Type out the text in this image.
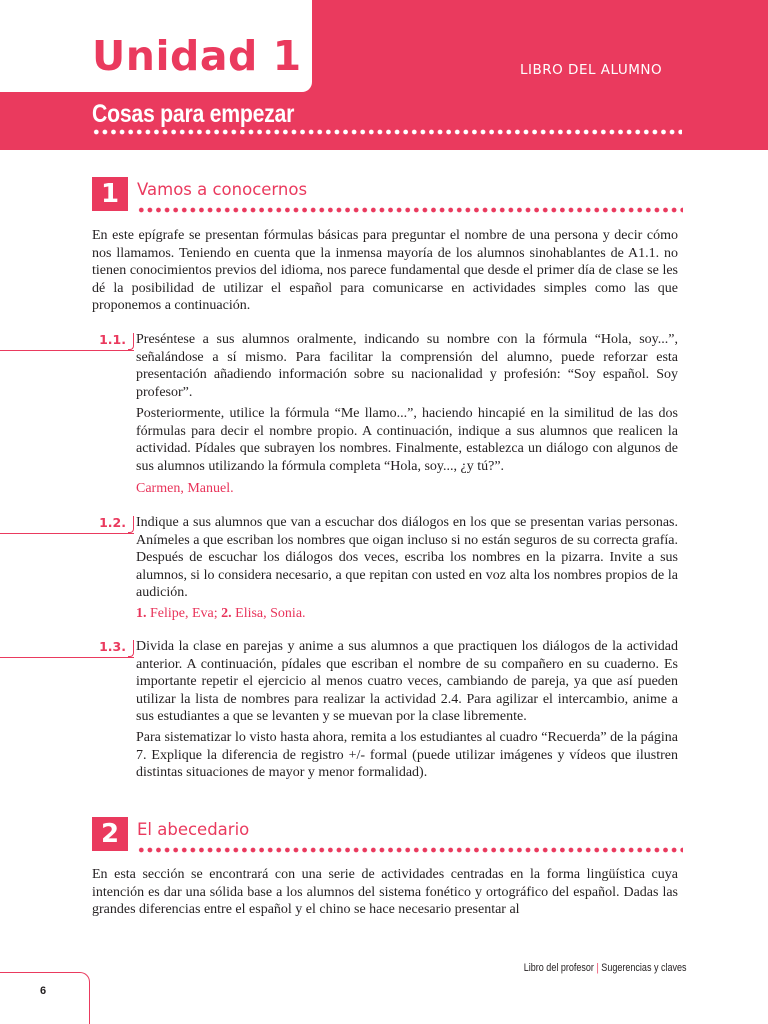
Unidad 1	LIBRO DEL ALUMNO
Cosas para empezar
1	Vamos a conocernos

En este epígrafe se presentan fórmulas básicas para preguntar el nombre de una persona y decir cómo nos llamamos. Teniendo en cuenta que la inmensa mayoría de los alumnos sinohablantes de A1.1. no tienen conocimientos previos del idioma, nos parece fundamental que desde el primer día de clase se les dé la posibilidad de utilizar el español para comunicarse en actividades simples como las que proponemos a continuación.

1.1. Preséntese a sus alumnos oralmente, indicando su nombre con la fórmula “Hola, soy...”, señalándose a sí mismo. Para facilitar la comprensión del alumno, puede reforzar esta presentación añadiendo información sobre su nacionalidad y profesión: “Soy español. Soy profesor”.

Posteriormente, utilice la fórmula “Me llamo...”, haciendo hincapié en la similitud de las dos fórmulas para decir el nombre propio. A continuación, indique a sus alumnos que realicen la actividad. Pídales que subrayen los nombres. Finalmente, establezca un diálogo con algunos de sus alumnos utilizando la fórmula completa “Hola, soy..., ¿y tú?”.

Carmen, Manuel.

1.2. Indique a sus alumnos que van a escuchar dos diálogos en los que se presentan varias personas. Anímeles a que escriban los nombres que oigan incluso si no están seguros de su correcta grafía. Después de escuchar los diálogos dos veces, escriba los nombres en la pizarra. Invite a sus alumnos, si lo considera necesario, a que repitan con usted en voz alta los nombres propios de la audición.

1. Felipe, Eva; 2. Elisa, Sonia.

1.3. Divida la clase en parejas y anime a sus alumnos a que practiquen los diálogos de la actividad anterior. A continuación, pídales que escriban el nombre de su compañero en su cuaderno. Es importante repetir el ejercicio al menos cuatro veces, cambiando de pareja, ya que así pueden utilizar la lista de nombres para realizar la actividad 2.4. Para agilizar el intercambio, anime a sus estudiantes a que se levanten y se muevan por la clase libremente.

Para sistematizar lo visto hasta ahora, remita a los estudiantes al cuadro “Recuerda” de la página 7. Explique la diferencia de registro +/- formal (puede utilizar imágenes y vídeos que ilustren distintas situaciones de mayor y menor formalidad).

2	El abecedario

En esta sección se encontrará con una serie de actividades centradas en la forma lingüística cuya intención es dar una sólida base a los alumnos del sistema fonético y ortográfico del español. Dadas las grandes diferencias entre el español y el chino se hace necesario presentar al

Libro del profesor | Sugerencias y claves
6
